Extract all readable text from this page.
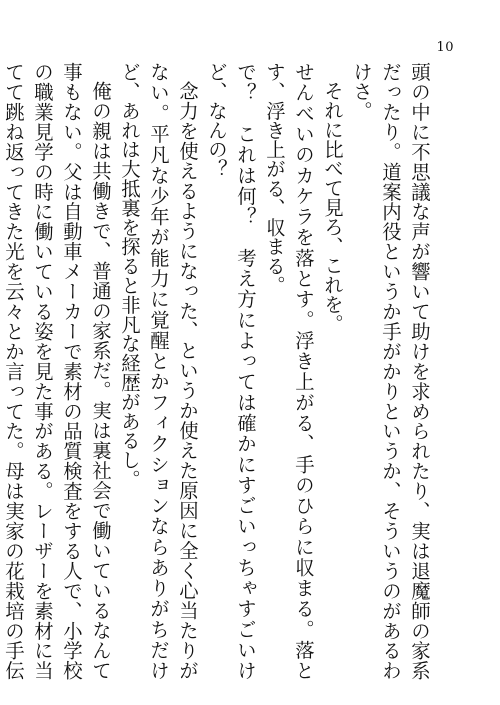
10

頭の中に不思議な声が響いて助けを求められたり、実は退魔師の家系だったり。道案内役というか手がかりというか、そういうのがあるわけさ。

それに比べて見ろ、これを。

せんべいのカケラを落とす。浮き上がる、手のひらに収まる。落とす、浮き上がる、収まる。

で？　これは何？　考え方によっては確かにすごいっちゃすごいけど、なんの？

念力を使えるようになった、というか使えた原因に全く心当たりがない。平凡な少年が能力に覚醒とかフィクションならありがちだけど、あれは大抵裏を探ると非凡な経歴があるし。

俺の親は共働きで、普通の家系だ。実は裏社会で働いているなんて事もない。父は自動車メーカーで素材の品質検査をする人で、小学校の職業見学の時に働いている姿を見た事がある。レーザーを素材に当てて跳ね返ってきた光を云々とか言ってた。母は実家の花栽培の手伝
